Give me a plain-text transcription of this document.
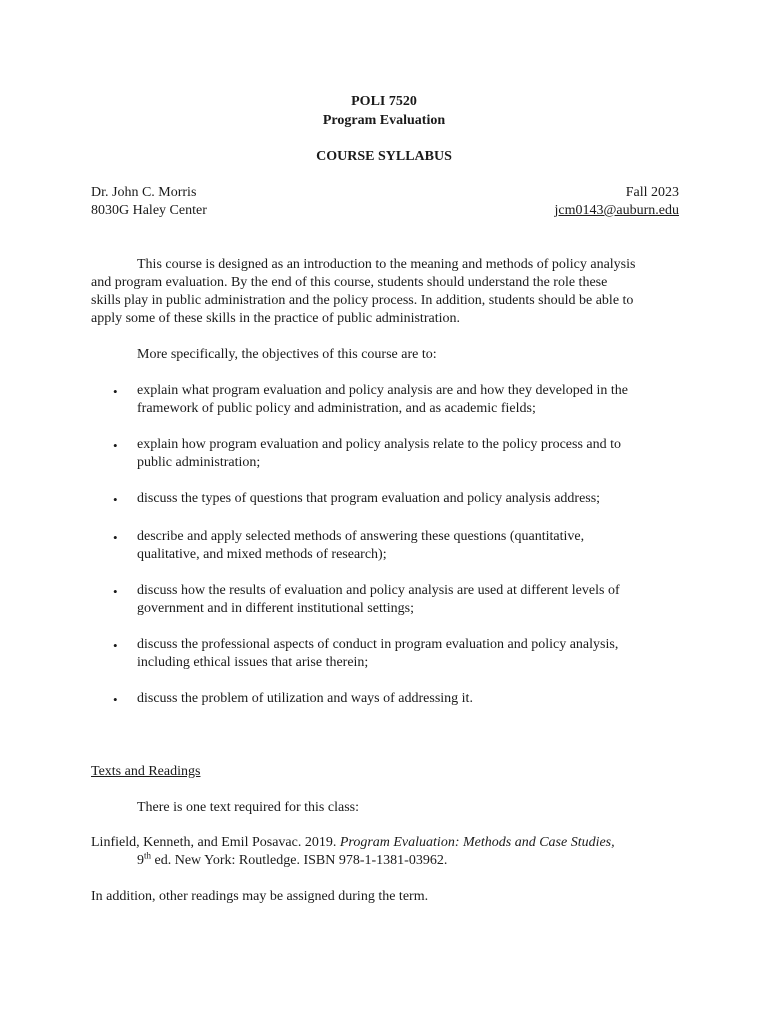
POLI 7520
Program Evaluation
COURSE SYLLABUS
Dr. John C. Morris
8030G Haley Center
Fall 2023
jcm0143@auburn.edu
This course is designed as an introduction to the meaning and methods of policy analysis
and program evaluation. By the end of this course, students should understand the role these
skills play in public administration and the policy process. In addition, students should be able to
apply some of these skills in the practice of public administration.
More specifically, the objectives of this course are to:
•	explain what program evaluation and policy analysis are and how they developed in the
framework of public policy and administration, and as academic fields;
•	explain how program evaluation and policy analysis relate to the policy process and to
public administration;
•	discuss the types of questions that program evaluation and policy analysis address;
•	describe and apply selected methods of answering these questions (quantitative,
qualitative, and mixed methods of research);
•	discuss how the results of evaluation and policy analysis are used at different levels of
government and in different institutional settings;
•	discuss the professional aspects of conduct in program evaluation and policy analysis,
including ethical issues that arise therein;
•	discuss the problem of utilization and ways of addressing it.
Texts and Readings
There is one text required for this class:
Linfield, Kenneth, and Emil Posavac. 2019. Program Evaluation: Methods and Case Studies,
9th ed. New York: Routledge. ISBN 978-1-1381-03962.
In addition, other readings may be assigned during the term.
